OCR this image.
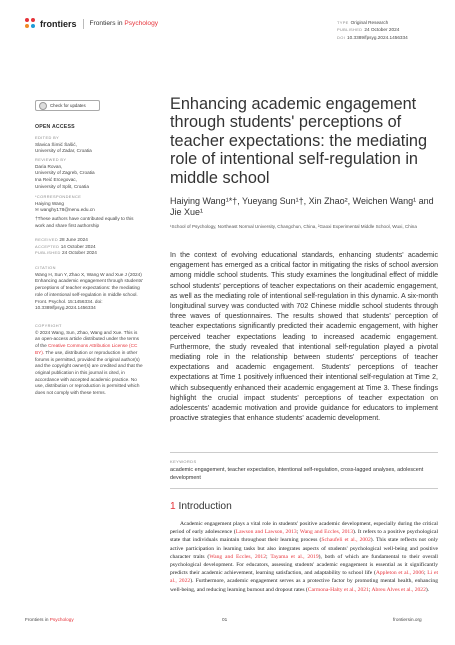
frontiers Frontiers in Psychology	TYPE Original Research
PUBLISHED 24 October 2024
DOI 10.3389/fpsyg.2024.1456334
Check for updates
OPEN ACCESS
EDITED BY
Slavica Šimić Šašić,
University of Zadar, Croatia
REVIEWED BY
Daria Rovan,
University of Zagreb, Croatia
Ina Reić Ercegovac,
University of Split, Croatia
*CORRESPONDENCE
Haiying Wang
✉ wanghy178@nenu.edu.cn
†These authors have contributed equally to this work and share first authorship
RECEIVED 28 June 2024
ACCEPTED 14 October 2024
PUBLISHED 24 October 2024
CITATION
Wang H, Sun Y, Zhao X, Wang W and Xue J (2024) Enhancing academic engagement through students' perceptions of teacher expectations: the mediating role of intentional self-regulation in middle school. Front. Psychol. 15:1456334. doi: 10.3389/fpsyg.2024.1456334
COPYRIGHT
© 2024 Wang, Sun, Zhao, Wang and Xue. This is an open-access article distributed under the terms of the Creative Commons Attribution License (CC BY). The use, distribution or reproduction in other forums is permitted, provided the original author(s) and the copyright owner(s) are credited and that the original publication in this journal is cited, in accordance with accepted academic practice. No use, distribution or reproduction is permitted which does not comply with these terms.
Enhancing academic engagement through students' perceptions of teacher expectations: the mediating role of intentional self-regulation in middle school
Haiying Wang¹*†, Yueyang Sun¹†, Xin Zhao², Weichen Wang¹ and Jie Xue¹
¹School of Psychology, Northeast Normal University, Changchun, China, ²Gaoxi Experimental Middle School, Wuxi, China
In the context of evolving educational standards, enhancing students' academic engagement has emerged as a critical factor in mitigating the risks of school aversion among middle school students. This study examines the longitudinal effect of middle school students' perceptions of teacher expectations on their academic engagement, as well as the mediating role of intentional self-regulation in this dynamic. A six-month longitudinal survey was conducted with 702 Chinese middle school students through three waves of questionnaires. The results showed that students' perception of teacher expectations significantly predicted their academic engagement, with higher perceived teacher expectations leading to increased academic engagement. Furthermore, the study revealed that intentional self-regulation played a pivotal mediating role in the relationship between students' perceptions of teacher expectations and academic engagement. Students' perceptions of teacher expectations at Time 1 positively influenced their intentional self-regulation at Time 2, which subsequently enhanced their academic engagement at Time 3. These findings highlight the crucial impact students' perceptions of teacher expectation on adolescents' academic motivation and provide guidance for educators to implement proactive strategies that enhance students' academic development.
KEYWORDS
academic engagement, teacher expectation, intentional self-regulation, cross-lagged analyses, adolescent development
1 Introduction

Academic engagement plays a vital role in students' positive academic development, especially during the critical period of early adolescence (Lawson and Lawson, 2013; Wang and Eccles, 2013). It refers to a positive psychological state that individuals maintain throughout their learning process (Schaufeli et al., 2002). This state reflects not only active participation in learning tasks but also integrates aspects of students' psychological well-being and positive character traits (Wang and Eccles, 2012; Tayama et al., 2019), both of which are fundamental to their overall psychological development. For educators, assessing students' academic engagement is essential as it significantly predicts their academic achievement, learning satisfaction, and adaptability to school life (Appleton et al., 2006; Li et al., 2022). Furthermore, academic engagement serves as a protective factor by promoting mental health, enhancing well-being, and reducing learning burnout and dropout rates (Carmona-Halty et al., 2021; Abreu Alves et al., 2022).

Frontiers in Psychology	01	frontiersin.org
